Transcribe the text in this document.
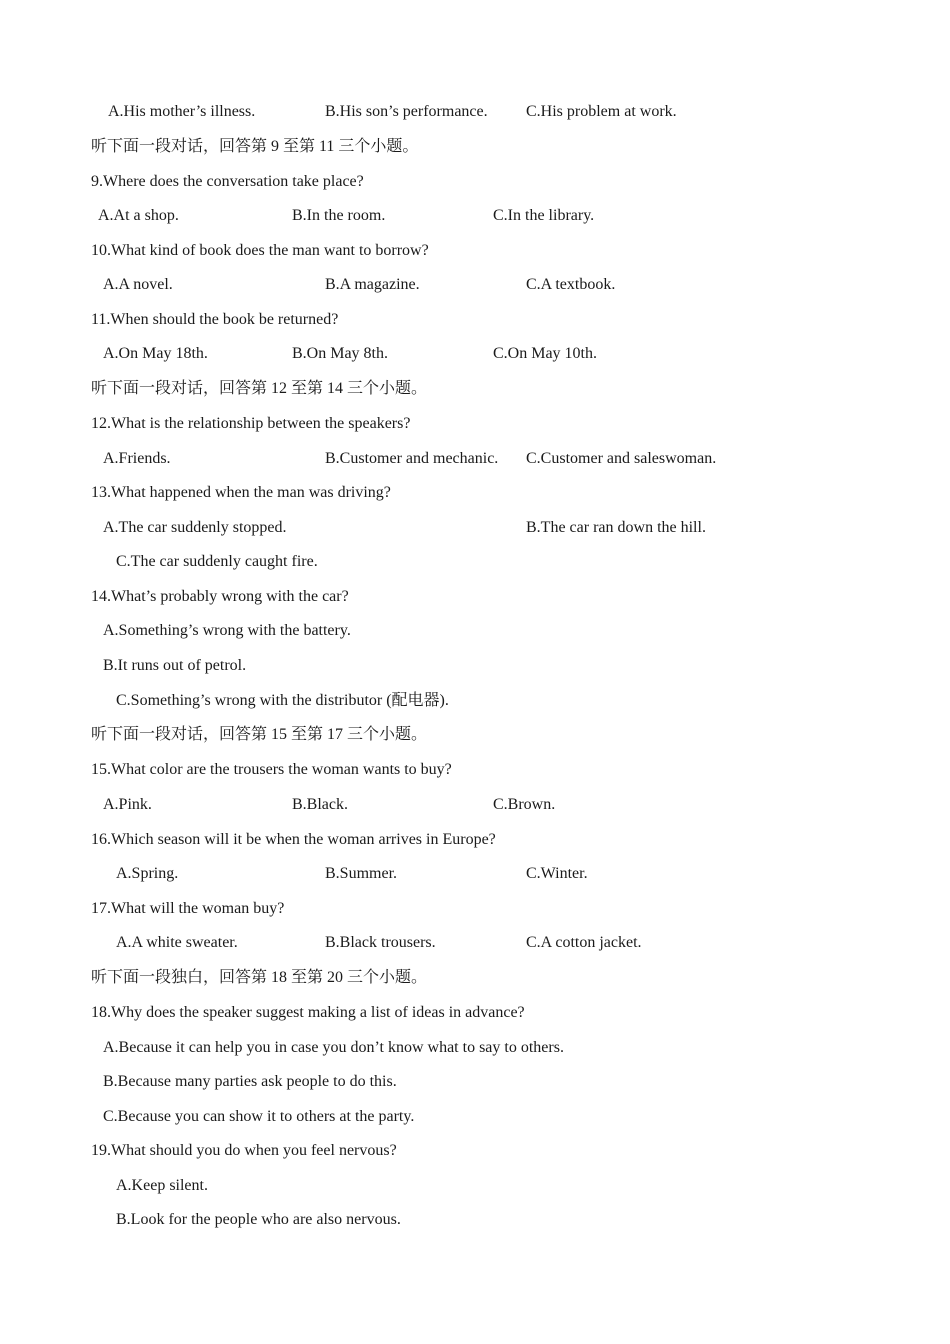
A.His mother’s illness.	B.His son’s performance. C.His problem at work.
听下面一段对话，回答第 9 至第 11 三个小题。
9.Where does the conversation take place?
A.At a shop.	B.In the room.	C.In the library.
10.What kind of book does the man want to borrow?
A.A novel.	B.A magazine.	C.A textbook.
11.When should the book be returned?
A.On May 18th.	B.On May 8th.	C.On May 10th.
听下面一段对话，回答第 12 至第 14 三个小题。
12.What is the relationship between the speakers?
A.Friends.	B.Customer and mechanic. C.Customer and saleswoman.
13.What happened when the man was driving?
A.The car suddenly stopped.	B.The car ran down the hill.
C.The car suddenly caught fire.
14.What’s probably wrong with the car?
A.Something’s wrong with the battery.
B.It runs out of petrol.
C.Something’s wrong with the distributor (配电器).
听下面一段对话，回答第 15 至第 17 三个小题。
15.What color are the trousers the woman wants to buy?
A.Pink.	B.Black.	C.Brown.
16.Which season will it be when the woman arrives in Europe?
A.Spring.	B.Summer.	C.Winter.
17.What will the woman buy?
A.A white sweater.	B.Black trousers.	C.A cotton jacket.
听下面一段独白，回答第 18 至第 20 三个小题。
18.Why does the speaker suggest making a list of ideas in advance?
A.Because it can help you in case you don’t know what to say to others.
B.Because many parties ask people to do this.
C.Because you can show it to others at the party.
19.What should you do when you feel nervous?
A.Keep silent.
B.Look for the people who are also nervous.
